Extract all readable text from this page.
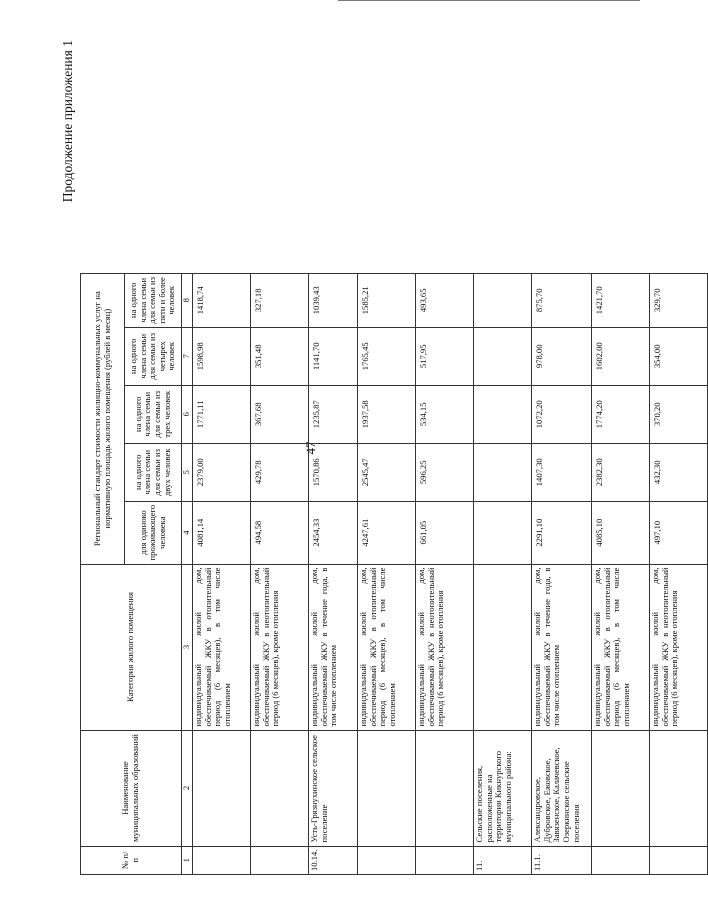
47
Продолжение приложения 1
№ п/п	Наименование муниципальных образований	Категория жилого помещения	Региональный стандарт стоимости жилищно-коммунальных услуг на нормативную площадь жилого помещения (рублей в месяц)				
			для одиноко проживающего человека	на одного члена семьи для семьи из двух человек	на одного члена семьи для семьи из трех человек	на одного члена семьи для семьи из четырех человек	на одного члена семьи для семьи из пяти и более человек
1	2	3	4	5	6	7	8
		индивидуальный жилой дом, обеспечиваемый ЖКУ в отопительный период (6 месяцев), в том числе отоплением	4081,14	2379,00	1771,11	1598,98	1418,74
		индивидуальный жилой дом, обеспечиваемый ЖКУ в неотопительный период (6 месяцев), кроме отопления	494,58	429,78	367,68	351,48	327,18
10.14.	Усть-Грязнухинское сельское поселение	индивидуальный жилой дом, обеспечиваемый ЖКУ в течение года, в том числе отоплением	2454,33	1570,86	1235,87	1141,70	1039,43
		индивидуальный жилой дом, обеспечиваемый ЖКУ в отопительный период (6 месяцев), в том числе отоплением	4247,61	2545,47	1937,58	1765,45	1585,21
		индивидуальный жилой дом, обеспечиваемый ЖКУ в неотопительный период (6 месяцев), кроме отопления	661,05	596,25	534,15	517,95	493,65
11.	Сельские поселения, расположенные на территории Кикнурского муниципального района:						
11.1.	Александровское, Дубровское, Ежовское, Завязенское, Калачевское, Озеркинское сельские поселения	индивидуальный жилой дом, обеспечиваемый ЖКУ в течение года, в том числе отоплением	2291,10	1407,30	1072,20	978,00	875,70
		индивидуальный жилой дом, обеспечиваемый ЖКУ в отопительный период (6 месяцев), в том числе отоплением	4085,10	2382,30	1774,20	1602,00	1421,70
		индивидуальный жилой дом, обеспечиваемый ЖКУ в неотопительный период (6 месяцев), кроме отопления	497,10	432,30	370,20	354,00	329,70
